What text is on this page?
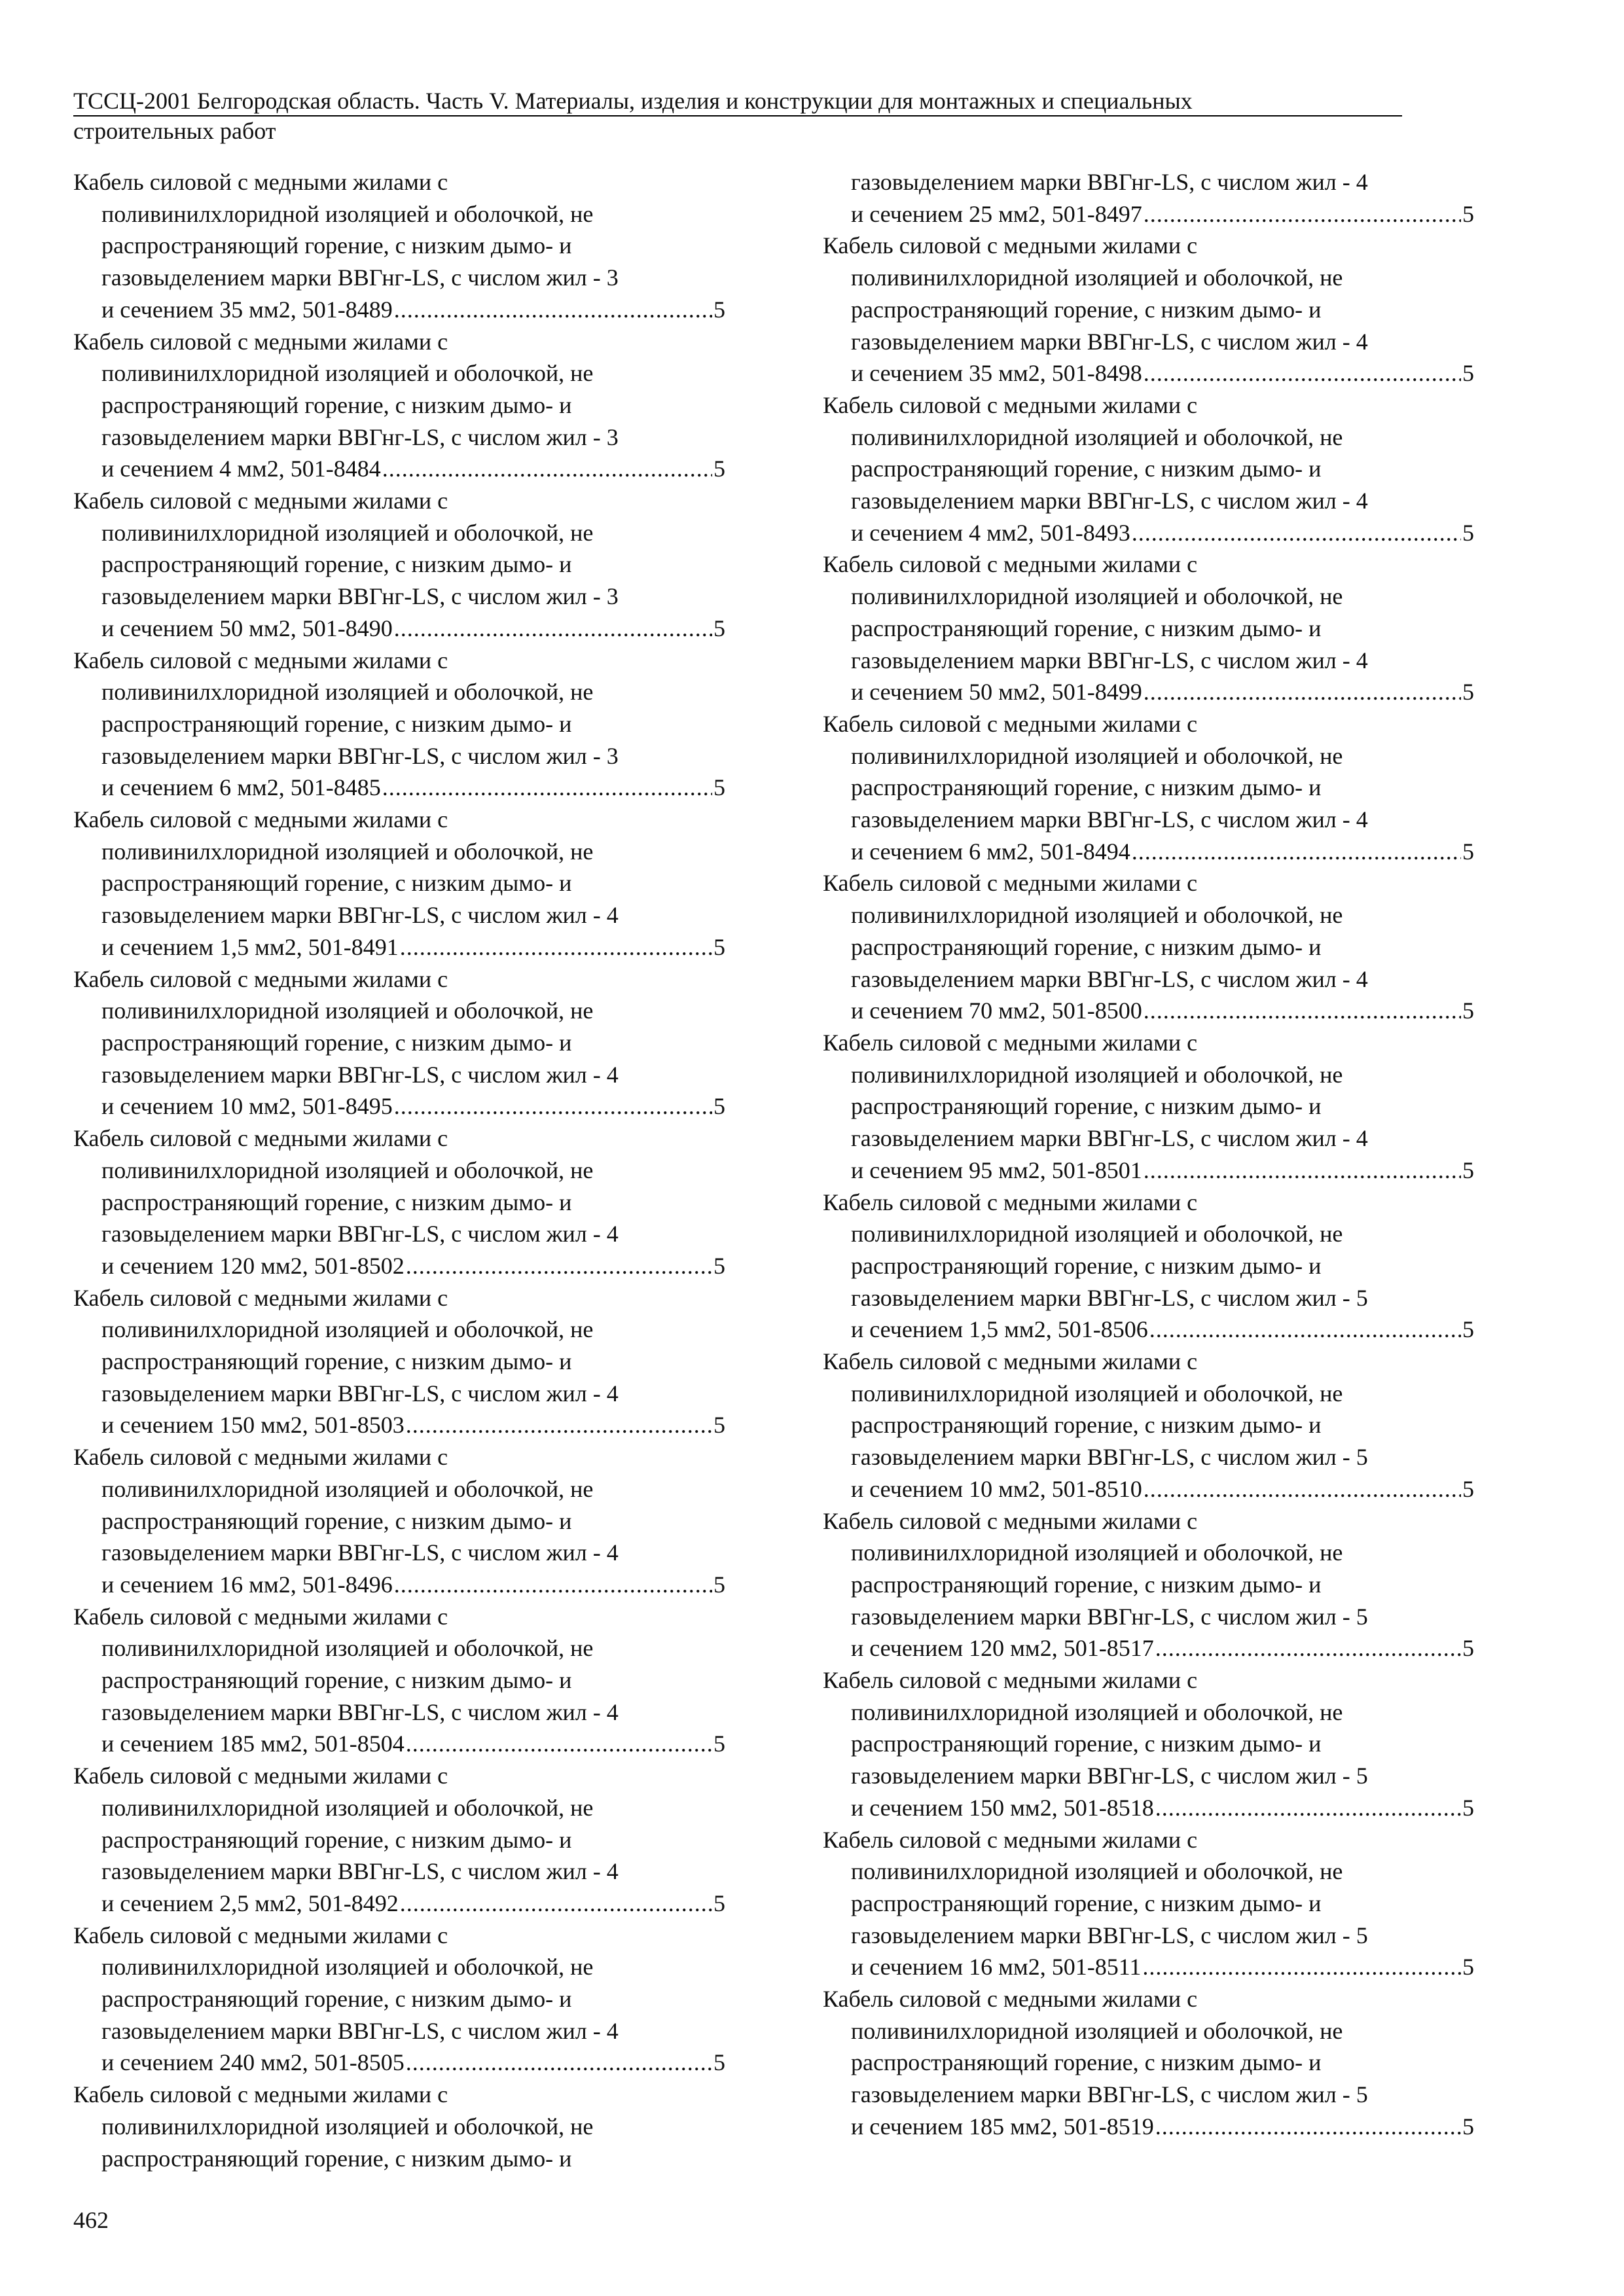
ТССЦ-2001 Белгородская область. Часть V. Материалы, изделия и конструкции для монтажных и специальных
строительных работ
Кабель силовой с медными жилами с
поливинилхлоридной изоляцией и оболочкой, не
распространяющий горение, с низким дымо- и
газовыделением марки ВВГнг-LS, с числом жил - 3
и сечением 35 мм2, 501-8489 .....	5
Кабель силовой с медными жилами с
поливинилхлоридной изоляцией и оболочкой, не
распространяющий горение, с низким дымо- и
газовыделением марки ВВГнг-LS, с числом жил - 3
и сечением 4 мм2, 501-8484 .....	5
Кабель силовой с медными жилами с
поливинилхлоридной изоляцией и оболочкой, не
распространяющий горение, с низким дымо- и
газовыделением марки ВВГнг-LS, с числом жил - 3
и сечением 50 мм2, 501-8490 .....	5
Кабель силовой с медными жилами с
поливинилхлоридной изоляцией и оболочкой, не
распространяющий горение, с низким дымо- и
газовыделением марки ВВГнг-LS, с числом жил - 3
и сечением 6 мм2, 501-8485 .....	5
Кабель силовой с медными жилами с
поливинилхлоридной изоляцией и оболочкой, не
распространяющий горение, с низким дымо- и
газовыделением марки ВВГнг-LS, с числом жил - 4
и сечением 1,5 мм2, 501-8491 .....	5
Кабель силовой с медными жилами с
поливинилхлоридной изоляцией и оболочкой, не
распространяющий горение, с низким дымо- и
газовыделением марки ВВГнг-LS, с числом жил - 4
и сечением 10 мм2, 501-8495 .....	5
Кабель силовой с медными жилами с
поливинилхлоридной изоляцией и оболочкой, не
распространяющий горение, с низким дымо- и
газовыделением марки ВВГнг-LS, с числом жил - 4
и сечением 120 мм2, 501-8502 .....	5
Кабель силовой с медными жилами с
поливинилхлоридной изоляцией и оболочкой, не
распространяющий горение, с низким дымо- и
газовыделением марки ВВГнг-LS, с числом жил - 4
и сечением 150 мм2, 501-8503 .....	5
Кабель силовой с медными жилами с
поливинилхлоридной изоляцией и оболочкой, не
распространяющий горение, с низким дымо- и
газовыделением марки ВВГнг-LS, с числом жил - 4
и сечением 16 мм2, 501-8496 .....	5
Кабель силовой с медными жилами с
поливинилхлоридной изоляцией и оболочкой, не
распространяющий горение, с низким дымо- и
газовыделением марки ВВГнг-LS, с числом жил - 4
и сечением 185 мм2, 501-8504 .....	5
Кабель силовой с медными жилами с
поливинилхлоридной изоляцией и оболочкой, не
распространяющий горение, с низким дымо- и
газовыделением марки ВВГнг-LS, с числом жил - 4
и сечением 2,5 мм2, 501-8492 .....	5
Кабель силовой с медными жилами с
поливинилхлоридной изоляцией и оболочкой, не
распространяющий горение, с низким дымо- и
газовыделением марки ВВГнг-LS, с числом жил - 4
и сечением 240 мм2, 501-8505 .....	5
Кабель силовой с медными жилами с
поливинилхлоридной изоляцией и оболочкой, не
распространяющий горение, с низким дымо- и
газовыделением марки ВВГнг-LS, с числом жил - 4
и сечением 25 мм2, 501-8497 .....	5
Кабель силовой с медными жилами с
поливинилхлоридной изоляцией и оболочкой, не
распространяющий горение, с низким дымо- и
газовыделением марки ВВГнг-LS, с числом жил - 4
и сечением 35 мм2, 501-8498 .....	5
Кабель силовой с медными жилами с
поливинилхлоридной изоляцией и оболочкой, не
распространяющий горение, с низким дымо- и
газовыделением марки ВВГнг-LS, с числом жил - 4
и сечением 4 мм2, 501-8493 .....	5
Кабель силовой с медными жилами с
поливинилхлоридной изоляцией и оболочкой, не
распространяющий горение, с низким дымо- и
газовыделением марки ВВГнг-LS, с числом жил - 4
и сечением 50 мм2, 501-8499 .....	5
Кабель силовой с медными жилами с
поливинилхлоридной изоляцией и оболочкой, не
распространяющий горение, с низким дымо- и
газовыделением марки ВВГнг-LS, с числом жил - 4
и сечением 6 мм2, 501-8494 .....	5
Кабель силовой с медными жилами с
поливинилхлоридной изоляцией и оболочкой, не
распространяющий горение, с низким дымо- и
газовыделением марки ВВГнг-LS, с числом жил - 4
и сечением 70 мм2, 501-8500 .....	5
Кабель силовой с медными жилами с
поливинилхлоридной изоляцией и оболочкой, не
распространяющий горение, с низким дымо- и
газовыделением марки ВВГнг-LS, с числом жил - 4
и сечением 95 мм2, 501-8501 .....	5
Кабель силовой с медными жилами с
поливинилхлоридной изоляцией и оболочкой, не
распространяющий горение, с низким дымо- и
газовыделением марки ВВГнг-LS, с числом жил - 5
и сечением 1,5 мм2, 501-8506 .....	5
Кабель силовой с медными жилами с
поливинилхлоридной изоляцией и оболочкой, не
распространяющий горение, с низким дымо- и
газовыделением марки ВВГнг-LS, с числом жил - 5
и сечением 10 мм2, 501-8510 .....	5
Кабель силовой с медными жилами с
поливинилхлоридной изоляцией и оболочкой, не
распространяющий горение, с низким дымо- и
газовыделением марки ВВГнг-LS, с числом жил - 5
и сечением 120 мм2, 501-8517 .....	5
Кабель силовой с медными жилами с
поливинилхлоридной изоляцией и оболочкой, не
распространяющий горение, с низким дымо- и
газовыделением марки ВВГнг-LS, с числом жил - 5
и сечением 150 мм2, 501-8518 .....	5
Кабель силовой с медными жилами с
поливинилхлоридной изоляцией и оболочкой, не
распространяющий горение, с низким дымо- и
газовыделением марки ВВГнг-LS, с числом жил - 5
и сечением 16 мм2, 501-8511 .....	5
Кабель силовой с медными жилами с
поливинилхлоридной изоляцией и оболочкой, не
распространяющий горение, с низким дымо- и
газовыделением марки ВВГнг-LS, с числом жил - 5
и сечением 185 мм2, 501-8519 .....	5
462
